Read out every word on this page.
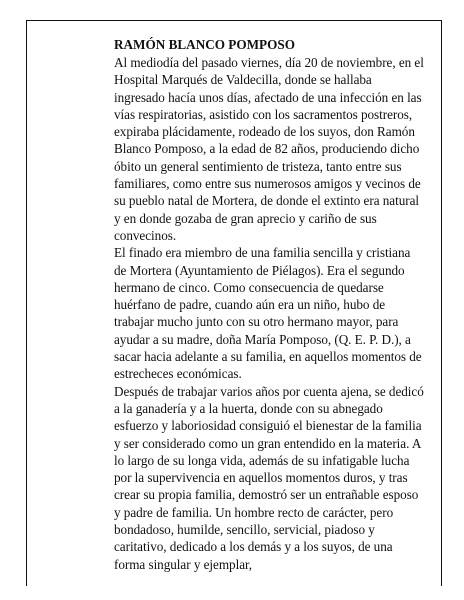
RAMÓN BLANCO POMPOSO

Al mediodía del pasado viernes, día 20 de noviembre, en el Hospital Marqués de Valdecilla, donde se hallaba ingresado hacía unos días, afectado de una infección en las vías respiratorias, asistido con los sacramentos postreros, expiraba plácidamente, rodeado de los suyos, don Ramón Blanco Pomposo, a la edad de 82 años, produciendo dicho óbito un general sentimiento de tristeza, tanto entre sus familiares, como entre sus numerosos amigos y vecinos de su pueblo natal de Mortera, de donde el extinto era natural y en donde gozaba de gran aprecio y cariño de sus convecinos.

El finado era miembro de una familia sencilla y cristiana de Mortera (Ayuntamiento de Piélagos). Era el segundo hermano de cinco. Como consecuencia de quedarse huérfano de padre, cuando aún era un niño, hubo de trabajar mucho junto con su otro hermano mayor, para ayudar a su madre, doña María Pomposo, (Q. E. P. D.), a sacar hacia adelante a su familia, en aquellos momentos de estrecheces económicas.

Después de trabajar varios años por cuenta ajena, se dedicó a la ganadería y a la huerta, donde con su abnegado esfuerzo y laboriosidad consiguió el bienestar de la familia y ser considerado como un gran entendido en la materia. A lo largo de su longa vida, además de su infatigable lucha por la supervivencia en aquellos momentos duros, y tras crear su propia familia, demostró ser un entrañable esposo y padre de familia. Un hombre recto de carácter, pero bondadoso, humilde, sencillo, servicial, piadoso y caritativo, dedicado a los demás y a los suyos, de una forma singular y ejemplar,
